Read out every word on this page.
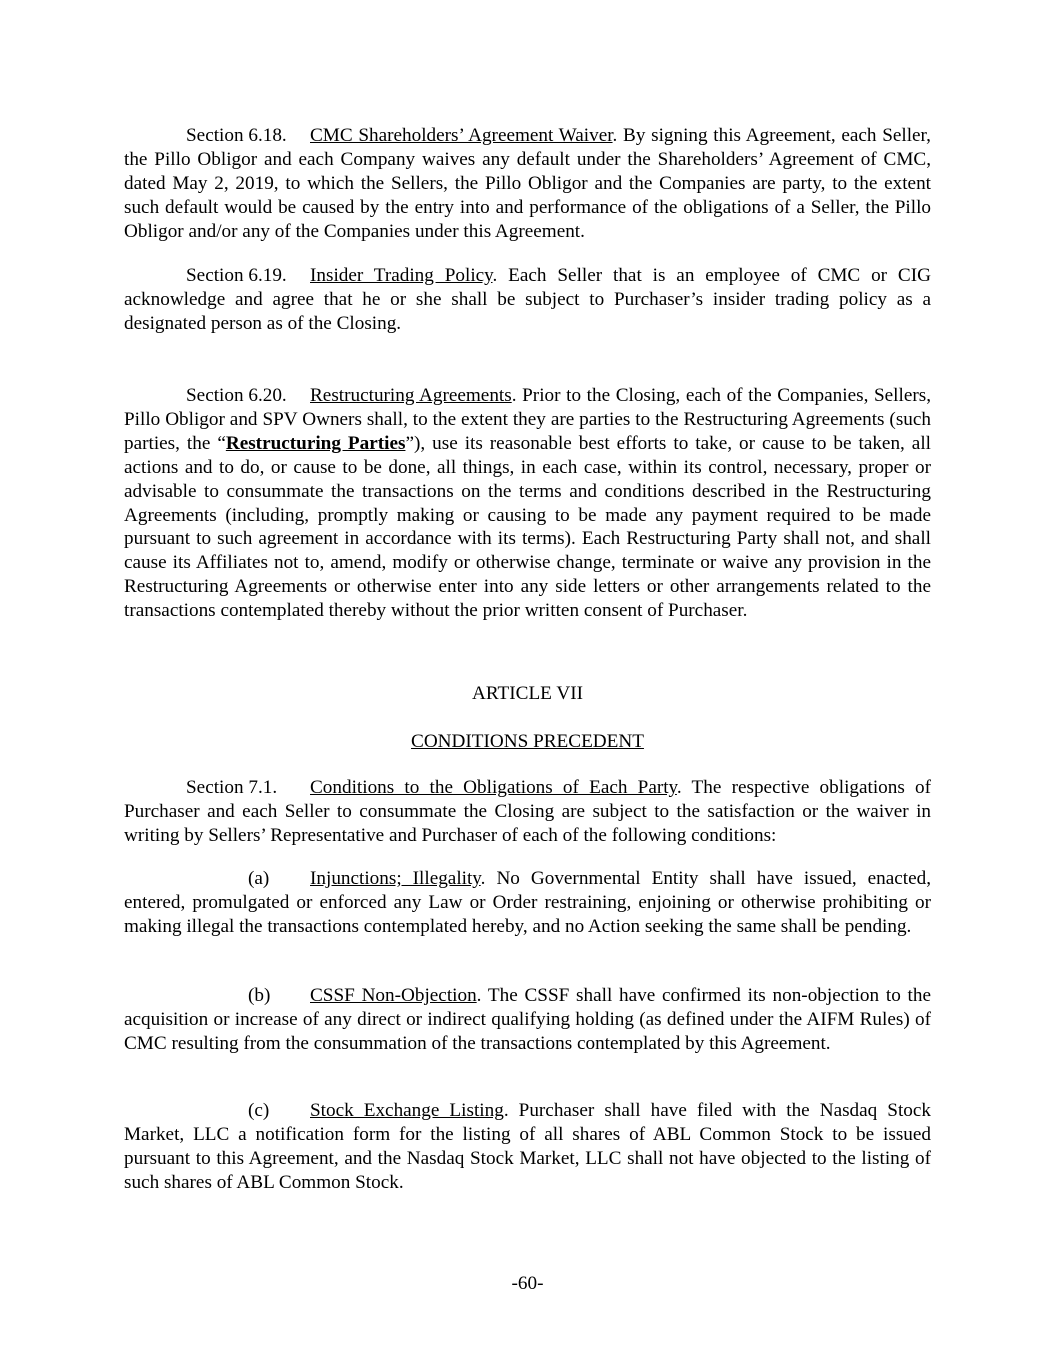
Section 6.18. CMC Shareholders’ Agreement Waiver. By signing this Agreement, each Seller, the Pillo Obligor and each Company waives any default under the Shareholders’ Agreement of CMC, dated May 2, 2019, to which the Sellers, the Pillo Obligor and the Companies are party, to the extent such default would be caused by the entry into and performance of the obligations of a Seller, the Pillo Obligor and/or any of the Companies under this Agreement.

Section 6.19. Insider Trading Policy. Each Seller that is an employee of CMC or CIG acknowledge and agree that he or she shall be subject to Purchaser’s insider trading policy as a designated person as of the Closing.

Section 6.20. Restructuring Agreements. Prior to the Closing, each of the Companies, Sellers, Pillo Obligor and SPV Owners shall, to the extent they are parties to the Restructuring Agreements (such parties, the “Restructuring Parties”), use its reasonable best efforts to take, or cause to be taken, all actions and to do, or cause to be done, all things, in each case, within its control, necessary, proper or advisable to consummate the transactions on the terms and conditions described in the Restructuring Agreements (including, promptly making or causing to be made any payment required to be made pursuant to such agreement in accordance with its terms). Each Restructuring Party shall not, and shall cause its Affiliates not to, amend, modify or otherwise change, terminate or waive any provision in the Restructuring Agreements or otherwise enter into any side letters or other arrangements related to the transactions contemplated thereby without the prior written consent of Purchaser.

ARTICLE VII
CONDITIONS PRECEDENT

Section 7.1. Conditions to the Obligations of Each Party. The respective obligations of Purchaser and each Seller to consummate the Closing are subject to the satisfaction or the waiver in writing by Sellers’ Representative and Purchaser of each of the following conditions:

(a) Injunctions; Illegality. No Governmental Entity shall have issued, enacted, entered, promulgated or enforced any Law or Order restraining, enjoining or otherwise prohibiting or making illegal the transactions contemplated hereby, and no Action seeking the same shall be pending.

(b) CSSF Non-Objection. The CSSF shall have confirmed its non-objection to the acquisition or increase of any direct or indirect qualifying holding (as defined under the AIFM Rules) of CMC resulting from the consummation of the transactions contemplated by this Agreement.

(c) Stock Exchange Listing. Purchaser shall have filed with the Nasdaq Stock Market, LLC a notification form for the listing of all shares of ABL Common Stock to be issued pursuant to this Agreement, and the Nasdaq Stock Market, LLC shall not have objected to the listing of such shares of ABL Common Stock.

-60-
